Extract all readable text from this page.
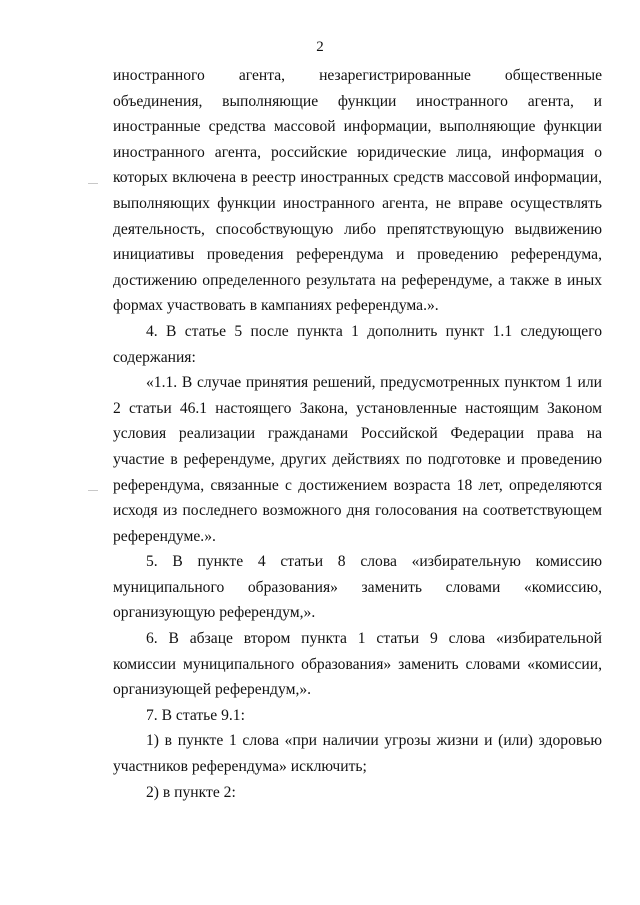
2

иностранного агента, незарегистрированные общественные объединения, выполняющие функции иностранного агента, и иностранные средства массовой информации, выполняющие функции иностранного агента, российские юридические лица, информация о которых включена в реестр иностранных средств массовой информации, выполняющих функции иностранного агента, не вправе осуществлять деятельность, способствующую либо препятствующую выдвижению инициативы проведения референдума и проведению референдума, достижению определенного результата на референдуме, а также в иных формах участвовать в кампаниях референдума.».

4. В статье 5 после пункта 1 дополнить пункт 1.1 следующего содержания:

«1.1. В случае принятия решений, предусмотренных пунктом 1 или 2 статьи 46.1 настоящего Закона, установленные настоящим Законом условия реализации гражданами Российской Федерации права на участие в референдуме, других действиях по подготовке и проведению референдума, связанные с достижением возраста 18 лет, определяются исходя из последнего возможного дня голосования на соответствующем референдуме.».

5. В пункте 4 статьи 8 слова «избирательную комиссию муниципального образования» заменить словами «комиссию, организующую референдум,».

6. В абзаце втором пункта 1 статьи 9 слова «избирательной комиссии муниципального образования» заменить словами «комиссии, организующей референдум,».

7. В статье 9.1:

1) в пункте 1 слова «при наличии угрозы жизни и (или) здоровью участников референдума» исключить;

2) в пункте 2:
